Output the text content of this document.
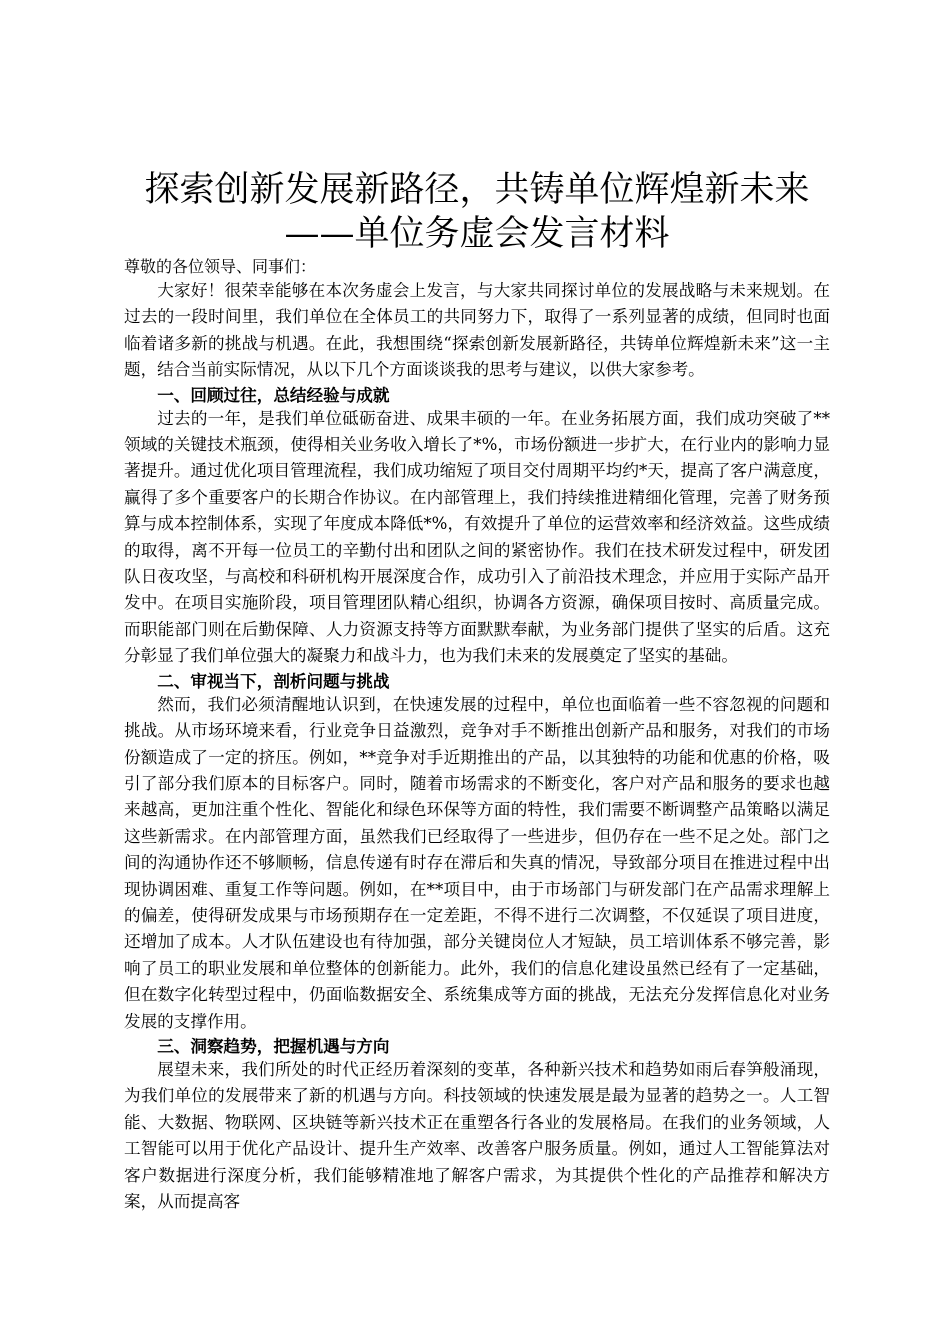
探索创新发展新路径，共铸单位辉煌新未来
——单位务虚会发言材料

尊敬的各位领导、同事们：

大家好！很荣幸能够在本次务虚会上发言，与大家共同探讨单位的发展战略与未来规划。在过去的一段时间里，我们单位在全体员工的共同努力下，取得了一系列显著的成绩，但同时也面临着诸多新的挑战与机遇。在此，我想围绕“探索创新发展新路径，共铸单位辉煌新未来”这一主题，结合当前实际情况，从以下几个方面谈谈我的思考与建议，以供大家参考。

一、回顾过往，总结经验与成就

过去的一年，是我们单位砥砺奋进、成果丰硕的一年。在业务拓展方面，我们成功突破了**领域的关键技术瓶颈，使得相关业务收入增长了*%，市场份额进一步扩大，在行业内的影响力显著提升。通过优化项目管理流程，我们成功缩短了项目交付周期平均约*天，提高了客户满意度，赢得了多个重要客户的长期合作协议。在内部管理上，我们持续推进精细化管理，完善了财务预算与成本控制体系，实现了年度成本降低*%，有效提升了单位的运营效率和经济效益。这些成绩的取得，离不开每一位员工的辛勤付出和团队之间的紧密协作。我们在技术研发过程中，研发团队日夜攻坚，与高校和科研机构开展深度合作，成功引入了前沿技术理念，并应用于实际产品开发中。在项目实施阶段，项目管理团队精心组织，协调各方资源，确保项目按时、高质量完成。而职能部门则在后勤保障、人力资源支持等方面默默奉献，为业务部门提供了坚实的后盾。这充分彰显了我们单位强大的凝聚力和战斗力，也为我们未来的发展奠定了坚实的基础。

二、审视当下，剖析问题与挑战

然而，我们必须清醒地认识到，在快速发展的过程中，单位也面临着一些不容忽视的问题和挑战。从市场环境来看，行业竞争日益激烈，竞争对手不断推出创新产品和服务，对我们的市场份额造成了一定的挤压。例如，**竞争对手近期推出的产品，以其独特的功能和优惠的价格，吸引了部分我们原本的目标客户。同时，随着市场需求的不断变化，客户对产品和服务的要求也越来越高，更加注重个性化、智能化和绿色环保等方面的特性，我们需要不断调整产品策略以满足这些新需求。在内部管理方面，虽然我们已经取得了一些进步，但仍存在一些不足之处。部门之间的沟通协作还不够顺畅，信息传递有时存在滞后和失真的情况，导致部分项目在推进过程中出现协调困难、重复工作等问题。例如，在**项目中，由于市场部门与研发部门在产品需求理解上的偏差，使得研发成果与市场预期存在一定差距，不得不进行二次调整，不仅延误了项目进度，还增加了成本。人才队伍建设也有待加强，部分关键岗位人才短缺，员工培训体系不够完善，影响了员工的职业发展和单位整体的创新能力。此外，我们的信息化建设虽然已经有了一定基础，但在数字化转型过程中，仍面临数据安全、系统集成等方面的挑战，无法充分发挥信息化对业务发展的支撑作用。

三、洞察趋势，把握机遇与方向

展望未来，我们所处的时代正经历着深刻的变革，各种新兴技术和趋势如雨后春笋般涌现，为我们单位的发展带来了新的机遇与方向。科技领域的快速发展是最为显著的趋势之一。人工智能、大数据、物联网、区块链等新兴技术正在重塑各行各业的发展格局。在我们的业务领域，人工智能可以用于优化产品设计、提升生产效率、改善客户服务质量。例如，通过人工智能算法对客户数据进行深度分析，我们能够精准地了解客户需求，为其提供个性化的产品推荐和解决方案，从而提高客
